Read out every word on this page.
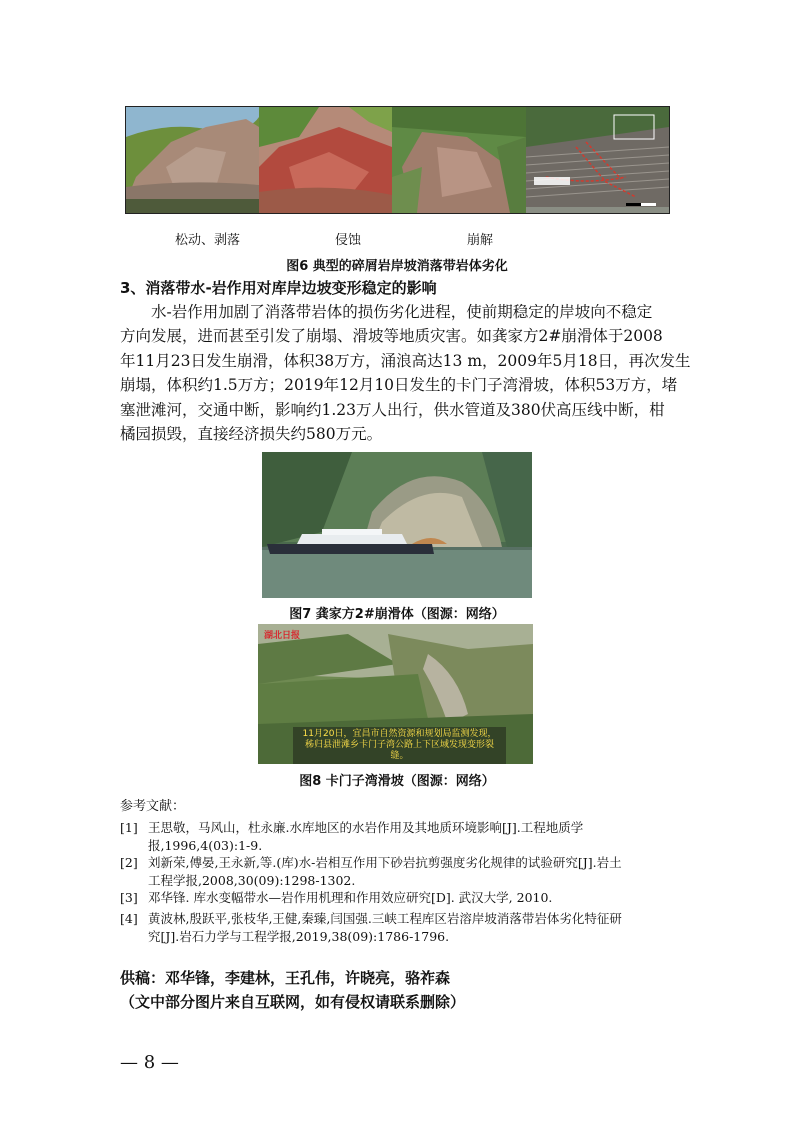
松动、剥落	侵蚀	崩解
图6 典型的碎屑岩岸坡消落带岩体劣化
3、消落带水-岩作用对库岸边坡变形稳定的影响
水-岩作用加剧了消落带岩体的损伤劣化进程，使前期稳定的岸坡向不稳定
方向发展，进而甚至引发了崩塌、滑坡等地质灾害。如龚家方2#崩滑体于2008
年11月23日发生崩滑，体积38万方，涌浪高达13 m，2009年5月18日，再次发生
崩塌，体积约1.5万方；2019年12月10日发生的卡门子湾滑坡，体积53万方，堵
塞泄滩河，交通中断，影响约1.23万人出行，供水管道及380伏高压线中断，柑
橘园损毁，直接经济损失约580万元。
图7 龚家方2#崩滑体（图源：网络）
湖北日报
11月20日，宜昌市自然资源和规划局监测发现，
秭归县泄滩乡卡门子湾公路上下区域发现变形裂缝。
图8 卡门子湾滑坡（图源：网络）
参考文献：
[1] 王思敬，马风山，杜永廉.水库地区的水岩作用及其地质环境影响[J].工程地质学
报,1996,4(03):1-9.
[2] 刘新荣,傅晏,王永新,等.(库)水-岩相互作用下砂岩抗剪强度劣化规律的试验研究[J].岩土
工程学报,2008,30(09):1298-1302.
[3] 邓华锋. 库水变幅带水—岩作用机理和作用效应研究[D]. 武汉大学, 2010.
[4] 黄波林,殷跃平,张枝华,王健,秦臻,闫国强.三峡工程库区岩溶岸坡消落带岩体劣化特征研
究[J].岩石力学与工程学报,2019,38(09):1786-1796.
供稿：邓华锋，李建林，王孔伟，许晓亮，骆祚森
（文中部分图片来自互联网，如有侵权请联系删除）
— 8 —
